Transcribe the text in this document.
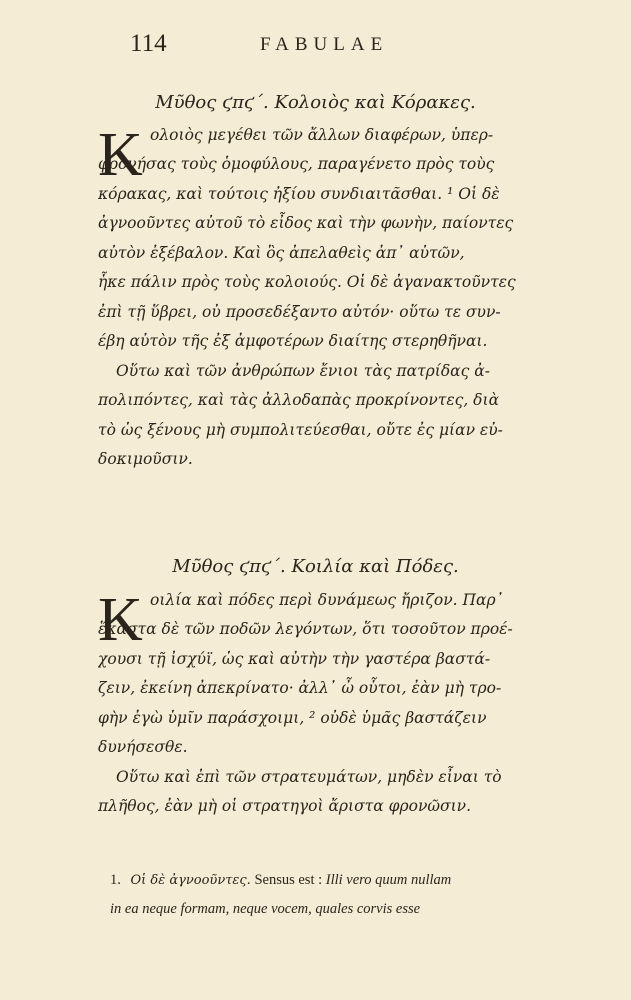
114	FABULAE
Μῦθος ϛπϛ΄. Κολοιὸς καὶ Κόρακες.
K ολοιὸς μεγέθει τῶν ἄλλων διαφέρων, ὑπερ-
φρονήσας τοὺς ὁμοφύλους, παραγένετο πρὸς τοὺς
κόρακας, καὶ τούτοις ἠξίου συνδιαιτᾶσθαι. ¹ Οἱ δὲ
ἀγνοοῦντες αὐτοῦ τὸ εἶδος καὶ τὴν φωνὴν, παίοντες
αὐτὸν ἐξέβαλον. Καὶ ὃς ἀπελαθεὶς ἀπ᾽ αὐτῶν,
ἧκε πάλιν πρὸς τοὺς κολοιούς. Οἱ δὲ ἀγανακτοῦντες
ἐπὶ τῇ ὕβρει, οὐ προσεδέξαντο αὐτόν· οὕτω τε συν-
έβη αὐτὸν τῆς ἐξ ἀμφοτέρων διαίτης στερηθῆναι.
Οὕτω καὶ τῶν ἀνθρώπων ἔνιοι τὰς πατρίδας ἀ-
πολιπόντες, καὶ τὰς ἀλλοδαπὰς προκρίνοντες, διὰ
τὸ ὡς ξένους μὴ συμπολιτεύεσθαι, οὔτε ἐς μίαν εὐ-
δοκιμοῦσιν.
Μῦθος ϛπϛ΄. Κοιλία καὶ Πόδες.
K οιλία καὶ πόδες περὶ δυνάμεως ἤριζον. Παρ᾽
ἕκαστα δὲ τῶν ποδῶν λεγόντων, ὅτι τοσοῦτον προέ-
χουσι τῇ ἰσχύϊ, ὡς καὶ αὐτὴν τὴν γαστέρα βαστά-
ζειν, ἐκείνη ἀπεκρίνατο· ἀλλ᾽ ὦ οὗτοι, ἐὰν μὴ τρο-
φὴν ἐγὼ ὑμῖν παράσχοιμι, ² οὐδὲ ὑμᾶς βαστάζειν
δυνήσεσθε.
Οὕτω καὶ ἐπὶ τῶν στρατευμάτων, μηδὲν εἶναι τὸ
πλῆθος, ἐὰν μὴ οἱ στρατηγοὶ ἄριστα φρονῶσιν.
1. Οἱ δὲ ἀγνοοῦντες. Sensus est : Illi vero quum nullam
in ea neque formam, neque vocem, quales corvis esse
